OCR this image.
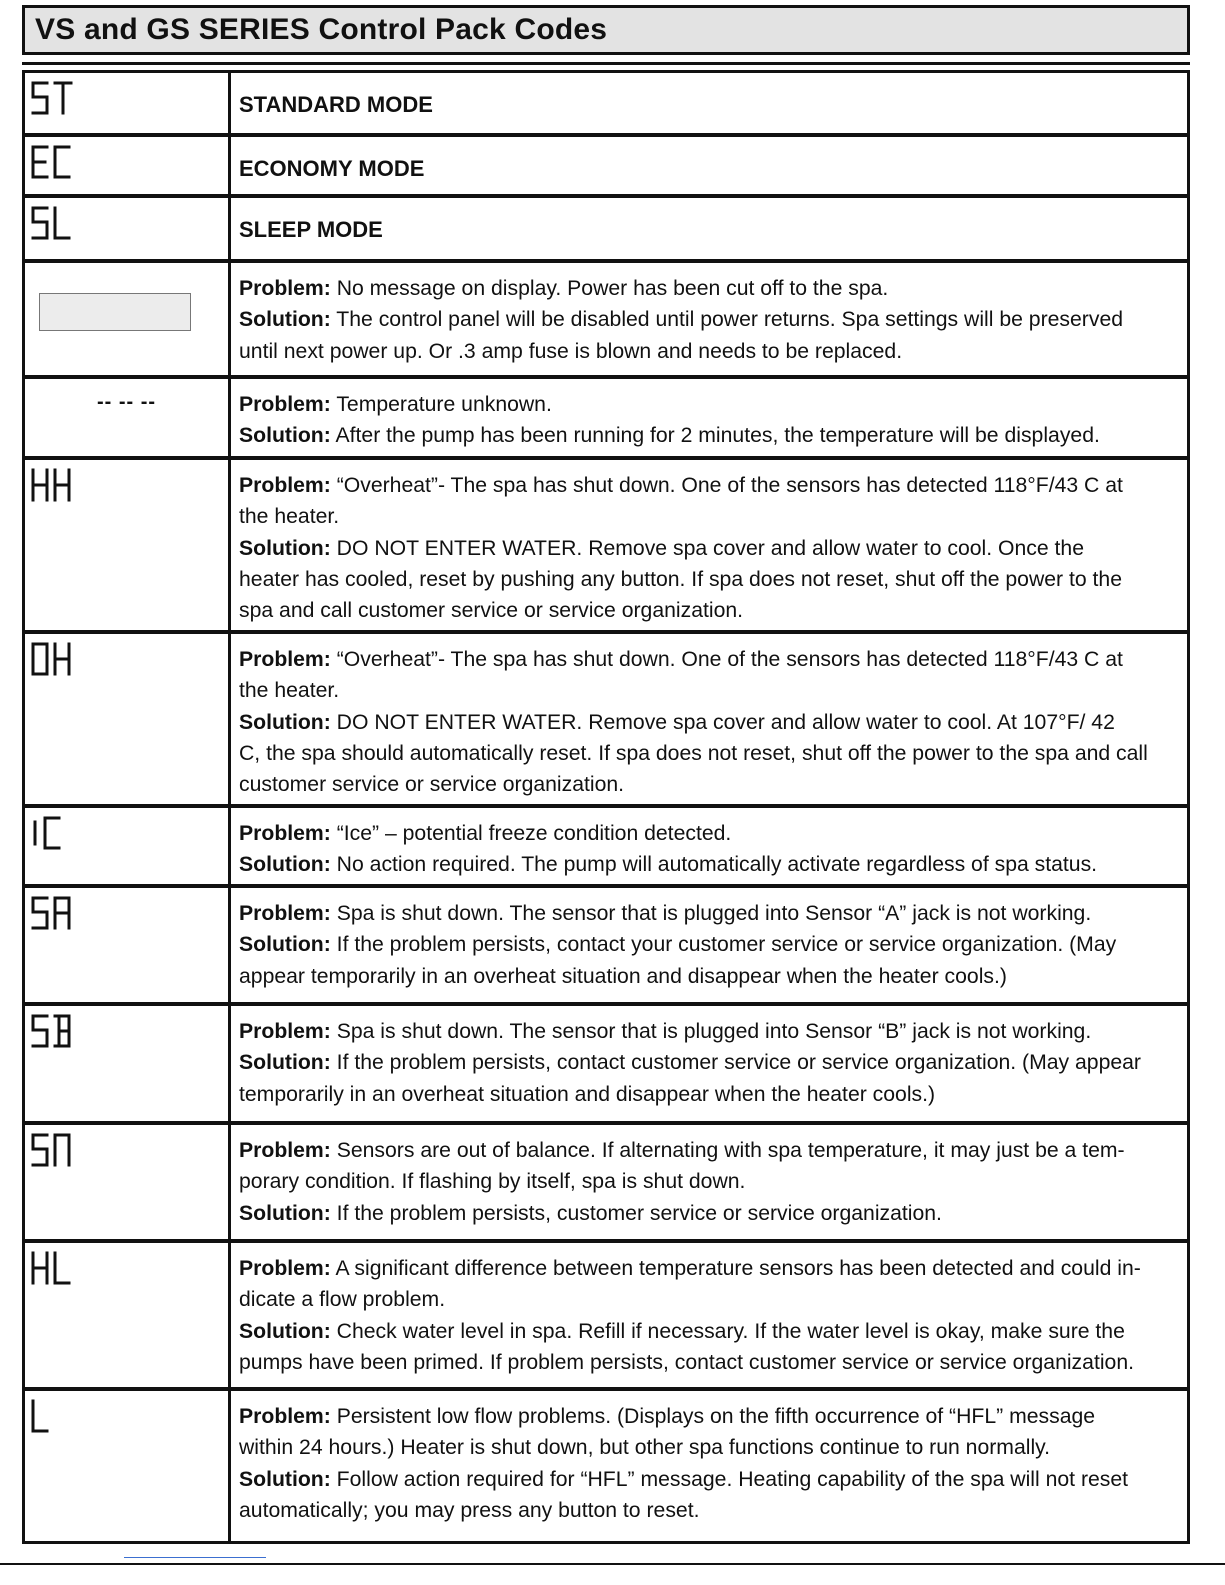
VS and GS SERIES Control Pack Codes
STANDARD MODE
ECONOMY MODE
SLEEP MODE
Problem: No message on display. Power has been cut off to the spa.
Solution: The control panel will be disabled until power returns. Spa settings will be preserved
until next power up. Or .3 amp fuse is blown and needs to be replaced.
-- -- --	Problem: Temperature unknown.
Solution: After the pump has been running for 2 minutes, the temperature will be displayed.
Problem: “Overheat”- The spa has shut down. One of the sensors has detected 118°F/43 C at
the heater.
Solution: DO NOT ENTER WATER. Remove spa cover and allow water to cool. Once the
heater has cooled, reset by pushing any button. If spa does not reset, shut off the power to the
spa and call customer service or service organization.
Problem: “Overheat”- The spa has shut down. One of the sensors has detected 118°F/43 C at
the heater.
Solution: DO NOT ENTER WATER. Remove spa cover and allow water to cool. At 107°F/ 42
C, the spa should automatically reset. If spa does not reset, shut off the power to the spa and call
customer service or service organization.
Problem: “Ice” – potential freeze condition detected.
Solution: No action required. The pump will automatically activate regardless of spa status.
Problem: Spa is shut down. The sensor that is plugged into Sensor “A” jack is not working.
Solution: If the problem persists, contact your customer service or service organization. (May
appear temporarily in an overheat situation and disappear when the heater cools.)
Problem: Spa is shut down. The sensor that is plugged into Sensor “B” jack is not working.
Solution: If the problem persists, contact customer service or service organization. (May appear
temporarily in an overheat situation and disappear when the heater cools.)
Problem: Sensors are out of balance. If alternating with spa temperature, it may just be a tem-
porary condition. If flashing by itself, spa is shut down.
Solution: If the problem persists, customer service or service organization.
Problem: A significant difference between temperature sensors has been detected and could in-
dicate a flow problem.
Solution: Check water level in spa. Refill if necessary. If the water level is okay, make sure the
pumps have been primed. If problem persists, contact customer service or service organization.
Problem: Persistent low flow problems. (Displays on the fifth occurrence of “HFL” message
within 24 hours.) Heater is shut down, but other spa functions continue to run normally.
Solution: Follow action required for “HFL” message. Heating capability of the spa will not reset
automatically; you may press any button to reset.
